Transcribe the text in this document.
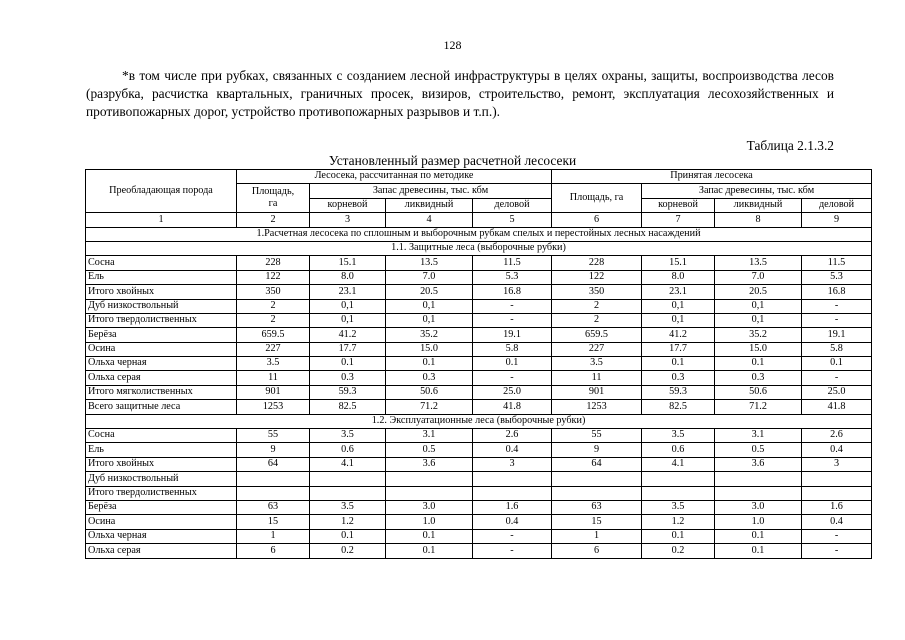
128

*в том числе при рубках, связанных с созданием лесной инфраструктуры в целях охраны, защиты, воспроизводства лесов (разрубка, расчистка квартальных, граничных просек, визиров, строительство, ремонт, эксплуатация лесохозяйственных и противопожарных дорог, устройство противопожарных разрывов и т.п.).

Таблица 2.1.3.2
Установленный размер расчетной лесосеки
Преобладающая порода	Лесосека, рассчитанная по методике				Принятая лесосека			
	Площадь,
га	Запас древесины, тыс. кбм			Площадь, га	Запас древесины, тыс. кбм		
		корневой	ликвидный	деловой		корневой	ликвидный	деловой
1	2	3	4	5	6	7	8	9
1.Расчетная лесосека по сплошным и выборочным рубкам спелых и перестойных лесных насаждений								
1.1. Защитные леса (выборочные рубки)								
Сосна	228	15.1	13.5	11.5	228	15.1	13.5	11.5
Ель	122	8.0	7.0	5.3	122	8.0	7.0	5.3
Итого хвойных	350	23.1	20.5	16.8	350	23.1	20.5	16.8
Дуб низкоствольный	2	0,1	0,1	-	2	0,1	0,1	-
Итого твердолиственных	2	0,1	0,1	-	2	0,1	0,1	-
Берёза	659.5	41.2	35.2	19.1	659.5	41.2	35.2	19.1
Осина	227	17.7	15.0	5.8	227	17.7	15.0	5.8
Ольха черная	3.5	0.1	0.1	0.1	3.5	0.1	0.1	0.1
Ольха серая	11	0.3	0.3	-	11	0.3	0.3	-
Итого мягколиственных	901	59.3	50.6	25.0	901	59.3	50.6	25.0
Всего защитные леса	1253	82.5	71.2	41.8	1253	82.5	71.2	41.8
1.2. Эксплуатационные леса (выборочные рубки)								
Сосна	55	3.5	3.1	2.6	55	3.5	3.1	2.6
Ель	9	0.6	0.5	0.4	9	0.6	0.5	0.4
Итого хвойных	64	4.1	3.6	3	64	4.1	3.6	3
Дуб низкоствольный								
Итого твердолиственных								
Берёза	63	3.5	3.0	1.6	63	3.5	3.0	1.6
Осина	15	1.2	1.0	0.4	15	1.2	1.0	0.4
Ольха черная	1	0.1	0.1	-	1	0.1	0.1	-
Ольха серая	6	0.2	0.1	-	6	0.2	0.1	-
